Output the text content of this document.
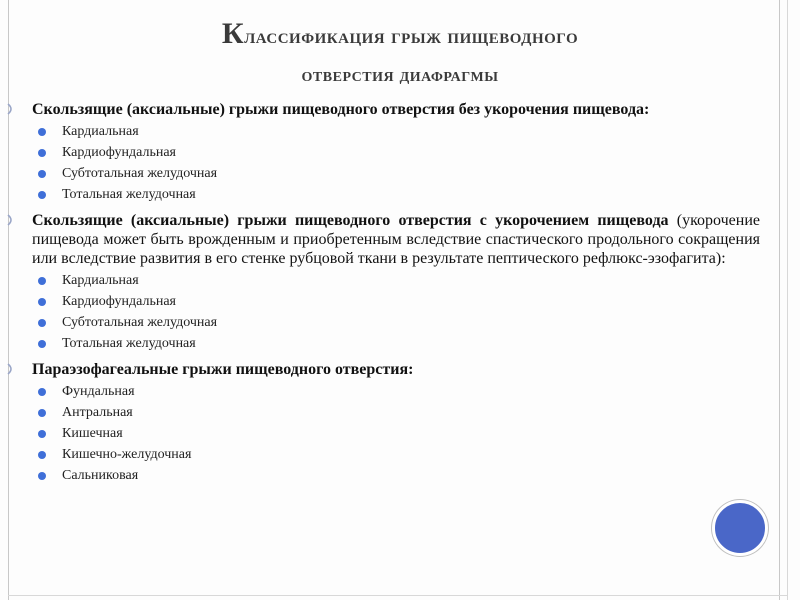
Классификация грыж пищеводного
отверстия диафрагмы
Скользящие (аксиальные) грыжи пищеводного отверстия без укорочения пищевода:
Кардиальная
Кардиофундальная
Субтотальная желудочная
Тотальная желудочная
Скользящие (аксиальные) грыжи пищеводного отверстия с укорочением пищевода (укорочение пищевода может быть врожденным и приобретенным вследствие спастического продольного сокращения или вследствие развития в его стенке рубцовой ткани в результате пептического рефлюкс-эзофагита):
Кардиальная
Кардиофундальная
Субтотальная желудочная
Тотальная желудочная
Параэзофагеальные грыжи пищеводного отверстия:
Фундальная
Антральная
Кишечная
Кишечно-желудочная
Сальниковая
